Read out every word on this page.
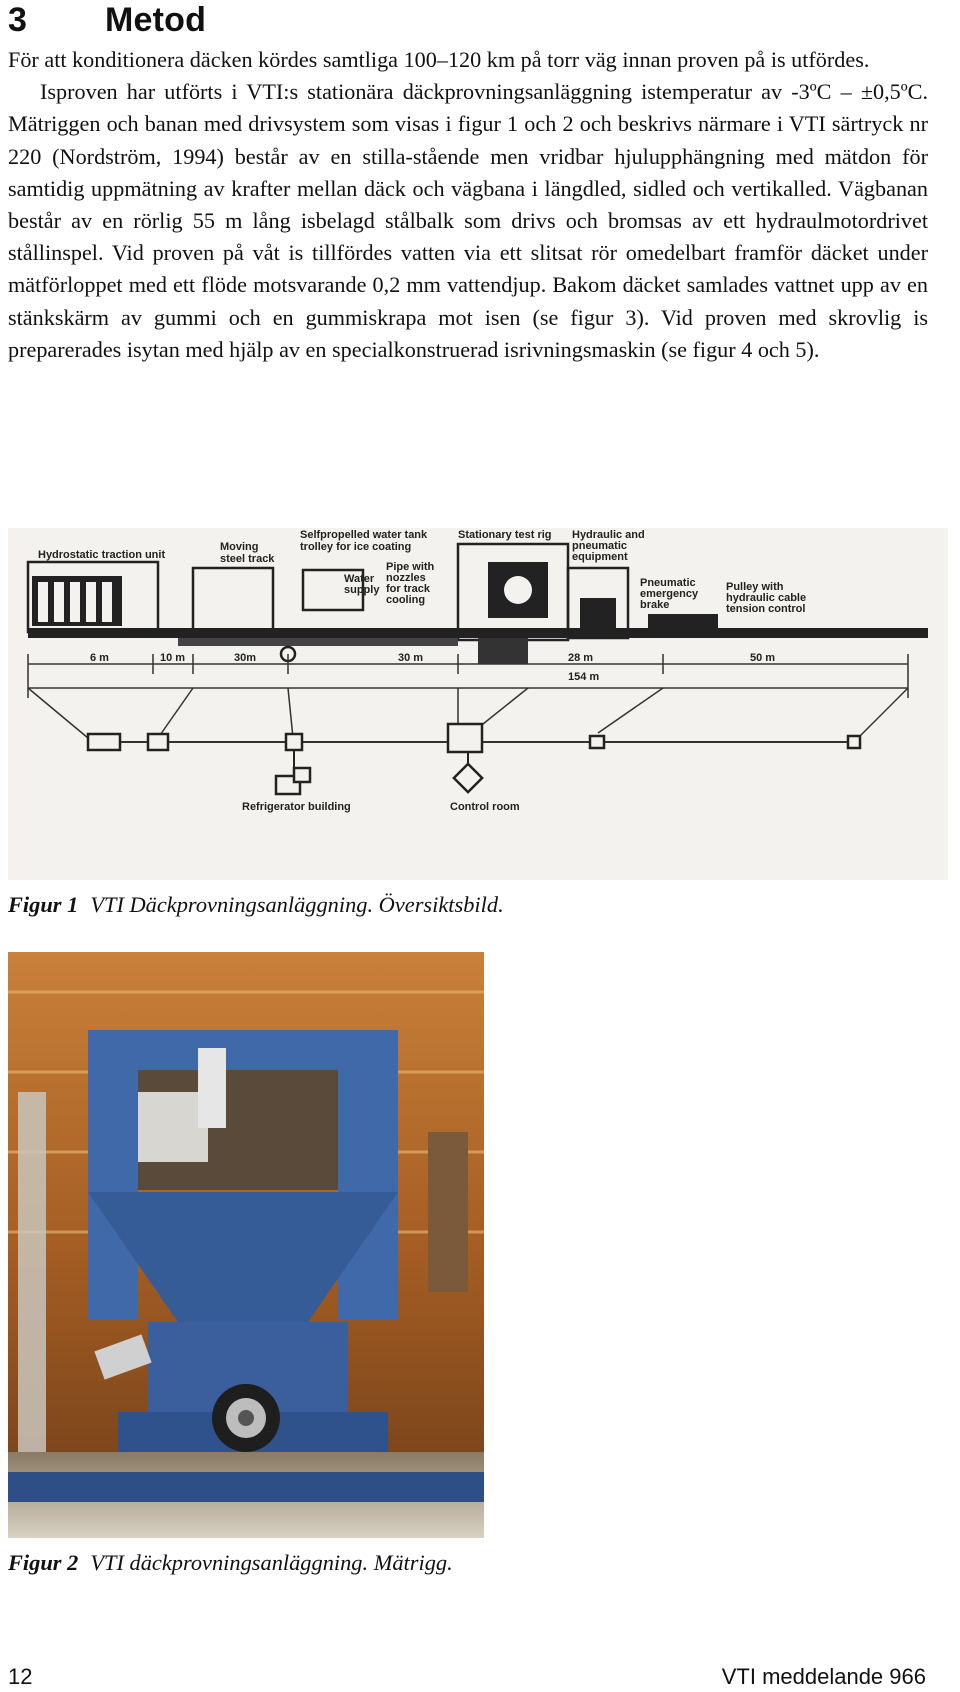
3 Metod

För att konditionera däcken kördes samtliga 100–120 km på torr väg innan proven på is utfördes.

Isproven har utförts i VTI:s stationära däckprovningsanläggning istemperatur av -3ºC – ±0,5ºC. Mätriggen och banan med drivsystem som visas i figur 1 och 2 och beskrivs närmare i VTI särtryck nr 220 (Nordström, 1994) består av en stilla-stående men vridbar hjulupphängning med mätdon för samtidig uppmätning av krafter mellan däck och vägbana i längdled, sidled och vertikalled. Vägbanan består av en rörlig 55 m lång isbelagd stålbalk som drivs och bromsas av ett hydraulmotordrivet stållinspel. Vid proven på våt is tillfördes vatten via ett slitsat rör omedelbart framför däcket under mätförloppet med ett flöde motsvarande 0,2 mm vattendjup. Bakom däcket samlades vattnet upp av en stänkskärm av gummi och en gummiskrapa mot isen (se figur 3). Vid proven med skrovlig is preparerades isytan med hjälp av en specialkonstruerad isrivningsmaskin (se figur 4 och 5).

Hydrostatic traction unit
Moving
steel track
Selfpropelled water tank
trolley for ice coating
Water
supply
Pipe with
nozzles
for track
cooling
Stationary test rig Hydraulic and
pneumatic
equipment
Pneumatic
emergency
brake
Pulley with
hydraulic cable
tension control
6 m	10 m	30m	30 m	28 m	50 m
154 m
Refrigerator building	Control room
Figur 1 VTI Däckprovningsanläggning. Översiktsbild.
Figur 2 VTI däckprovningsanläggning. Mätrigg.
12	VTI meddelande 966
